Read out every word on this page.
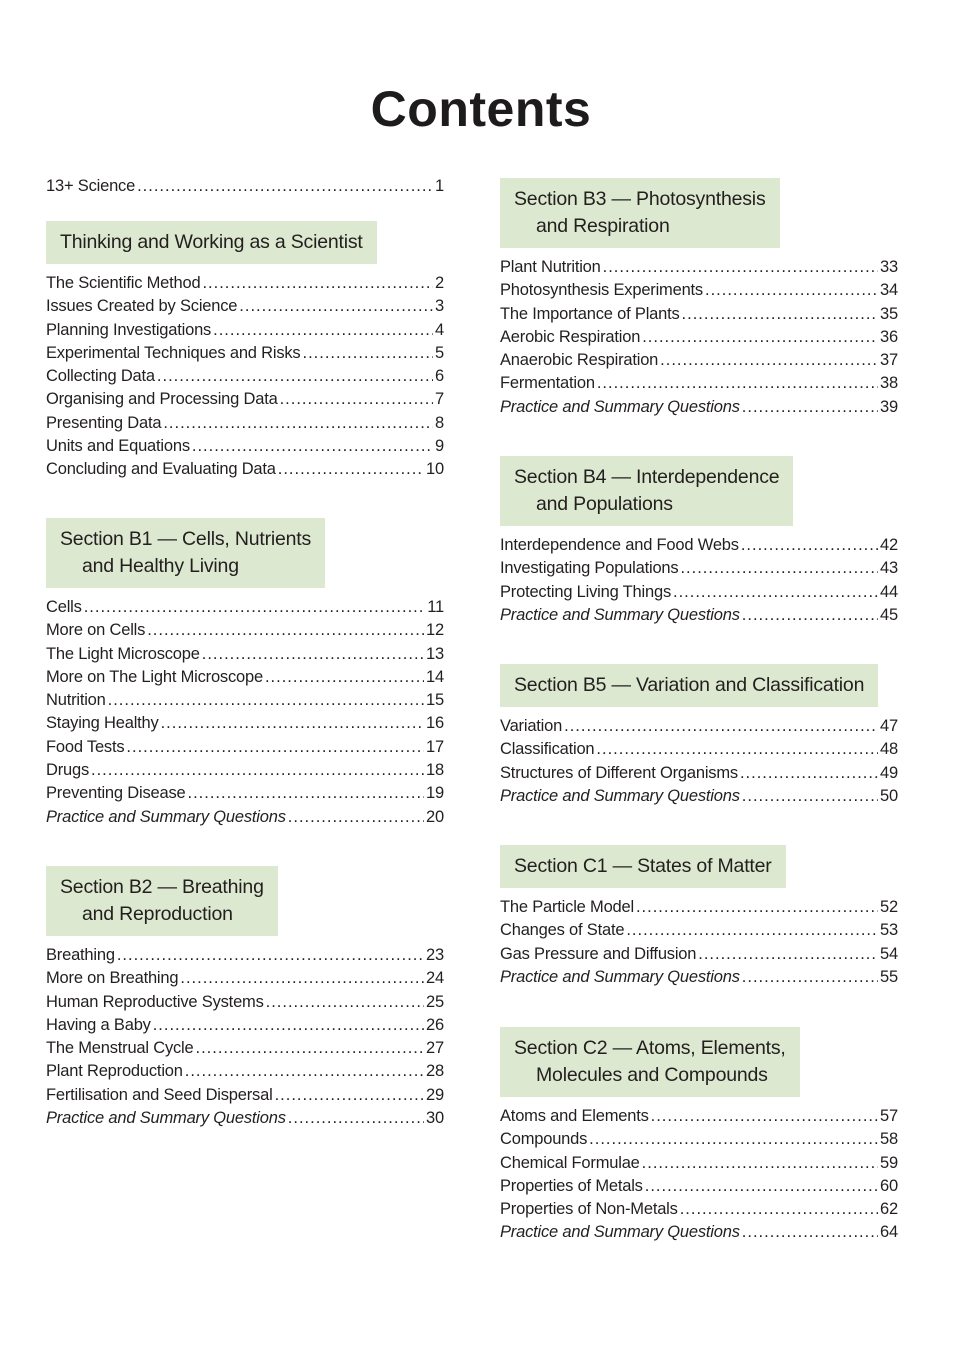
Contents
13+ Science .....	1
Thinking and Working as a Scientist
The Scientific Method .....	2
Issues Created by Science .....	3
Planning Investigations .....	4
Experimental Techniques and Risks .....	5
Collecting Data .....	6
Organising and Processing Data .....	7
Presenting Data .....	8
Units and Equations .....	9
Concluding and Evaluating Data .....	10
Section B1 — Cells, Nutrients
and Healthy Living
Cells .....	11
More on Cells .....	12
The Light Microscope .....	13
More on The Light Microscope .....	14
Nutrition .....	15
Staying Healthy .....	16
Food Tests .....	17
Drugs .....	18
Preventing Disease .....	19
Practice and Summary Questions .....	20
Section B2 — Breathing
and Reproduction
Breathing .....	23
More on Breathing .....	24
Human Reproductive Systems .....	25
Having a Baby .....	26
The Menstrual Cycle .....	27
Plant Reproduction .....	28
Fertilisation and Seed Dispersal .....	29
Practice and Summary Questions .....	30
Section B3 — Photosynthesis
and Respiration
Plant Nutrition .....	33
Photosynthesis Experiments .....	34
The Importance of Plants .....	35
Aerobic Respiration .....	36
Anaerobic Respiration .....	37
Fermentation .....	38
Practice and Summary Questions .....	39
Section B4 — Interdependence
and Populations
Interdependence and Food Webs .....	42
Investigating Populations .....	43
Protecting Living Things .....	44
Practice and Summary Questions .....	45
Section B5 — Variation and Classification
Variation .....	47
Classification .....	48
Structures of Different Organisms .....	49
Practice and Summary Questions .....	50
Section C1 — States of Matter
The Particle Model .....	52
Changes of State .....	53
Gas Pressure and Diffusion .....	54
Practice and Summary Questions .....	55
Section C2 — Atoms, Elements,
Molecules and Compounds
Atoms and Elements .....	57
Compounds .....	58
Chemical Formulae .....	59
Properties of Metals .....	60
Properties of Non-Metals .....	62
Practice and Summary Questions .....	64
